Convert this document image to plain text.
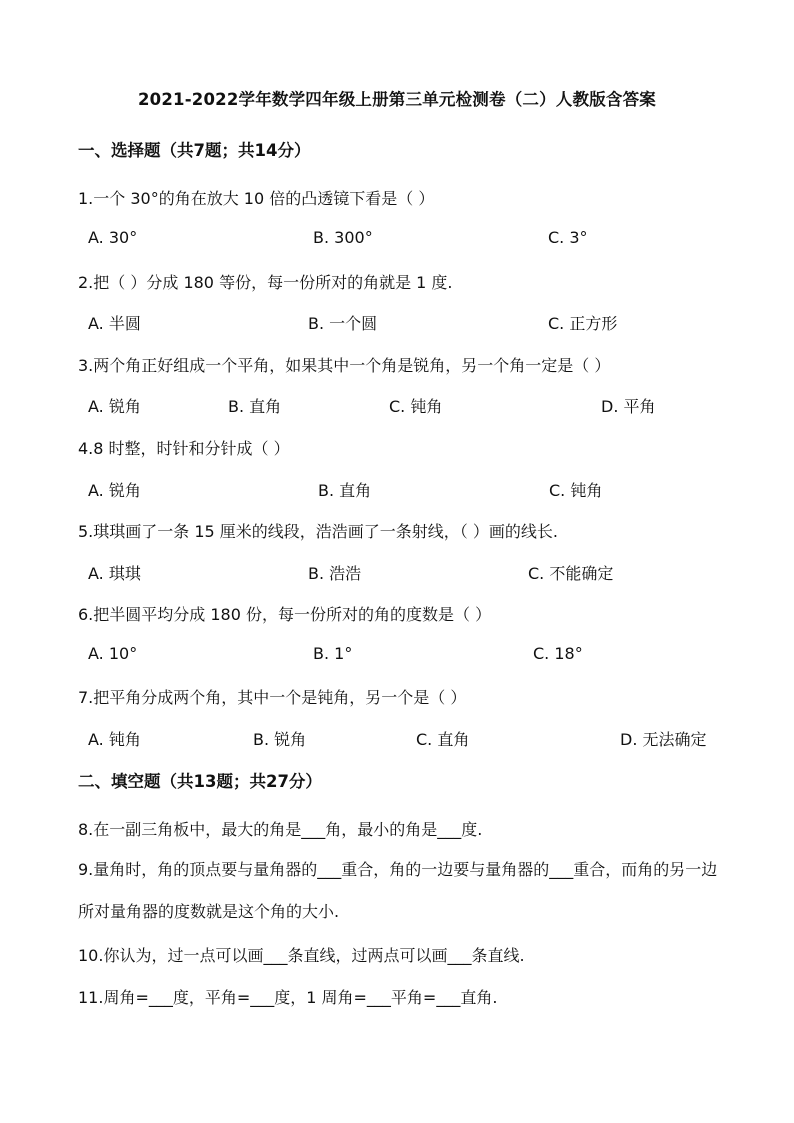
2021-2022学年数学四年级上册第三单元检测卷（二）人教版含答案

一、选择题（共7题；共14分）

1.一个 30°的角在放大 10 倍的凸透镜下看是（ ）

A. 30°	B. 300°	C. 3°

2.把（ ）分成 180 等份，每一份所对的角就是 1 度.

A. 半圆	B. 一个圆	C. 正方形

3.两个角正好组成一个平角，如果其中一个角是锐角，另一个角一定是（ ）

A. 锐角	B. 直角	C. 钝角	D. 平角

4.8 时整，时针和分针成（ ）

A. 锐角	B. 直角	C. 钝角

5.琪琪画了一条 15 厘米的线段，浩浩画了一条射线，（ ）画的线长.

A. 琪琪	B. 浩浩	C. 不能确定

6.把半圆平均分成 180 份，每一份所对的角的度数是（ ）

A. 10°	B. 1°	C. 18°

7.把平角分成两个角，其中一个是钝角，另一个是（ ）

A. 钝角	B. 锐角	C. 直角	D. 无法确定

二、填空题（共13题；共27分）

8.在一副三角板中，最大的角是___角，最小的角是___度.

9.量角时，角的顶点要与量角器的___重合，角的一边要与量角器的___重合，而角的另一边所对量角器的度数就是这个角的大小.

10.你认为，过一点可以画___条直线，过两点可以画___条直线.

11.周角=___度，平角=___度，1 周角=___平角=___直角.
